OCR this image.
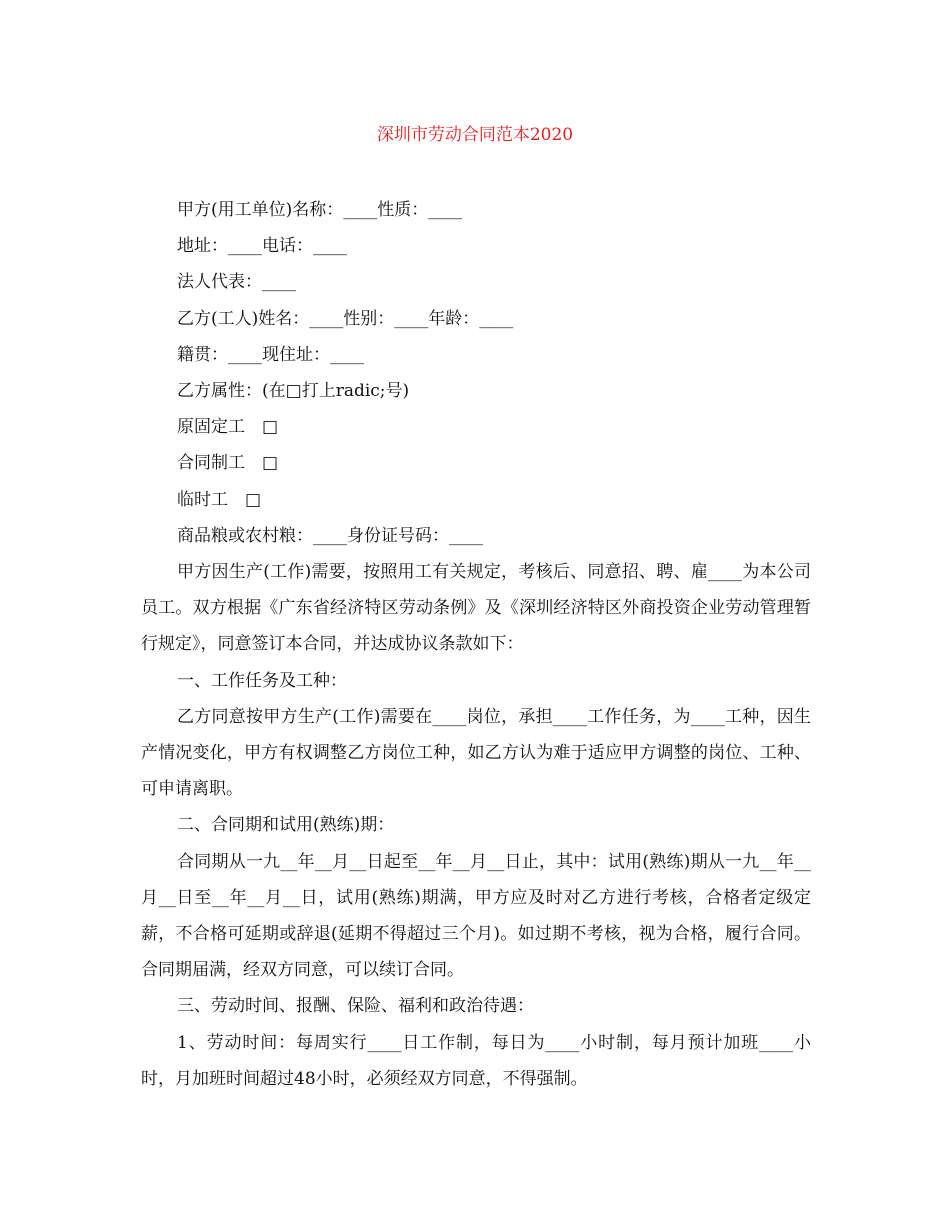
深圳市劳动合同范本2020

甲方(用工单位)名称：____性质：____

地址：____电话：____

法人代表：____

乙方(工人)姓名：____性别：____年龄：____

籍贯：____现住址：____

乙方属性：(在□打上radic;号)

原固定工　□

合同制工　□

临时工　□

商品粮或农村粮：____身份证号码：____

甲方因生产(工作)需要，按照用工有关规定，考核后、同意招、聘、雇____为本公司员工。双方根据《广东省经济特区劳动条例》及《深圳经济特区外商投资企业劳动管理暂行规定》，同意签订本合同，并达成协议条款如下：

一、工作任务及工种：

乙方同意按甲方生产(工作)需要在____岗位，承担____工作任务，为____工种，因生产情况变化，甲方有权调整乙方岗位工种，如乙方认为难于适应甲方调整的岗位、工种、可申请离职。

二、合同期和试用(熟练)期：

合同期从一九__年__月__日起至__年__月__日止，其中：试用(熟练)期从一九__年__月__日至__年__月__日，试用(熟练)期满，甲方应及时对乙方进行考核，合格者定级定薪，不合格可延期或辞退(延期不得超过三个月)。如过期不考核，视为合格，履行合同。合同期届满，经双方同意，可以续订合同。

三、劳动时间、报酬、保险、福利和政治待遇：

1、劳动时间：每周实行____日工作制，每日为____小时制，每月预计加班____小时，月加班时间超过48小时，必须经双方同意，不得强制。
